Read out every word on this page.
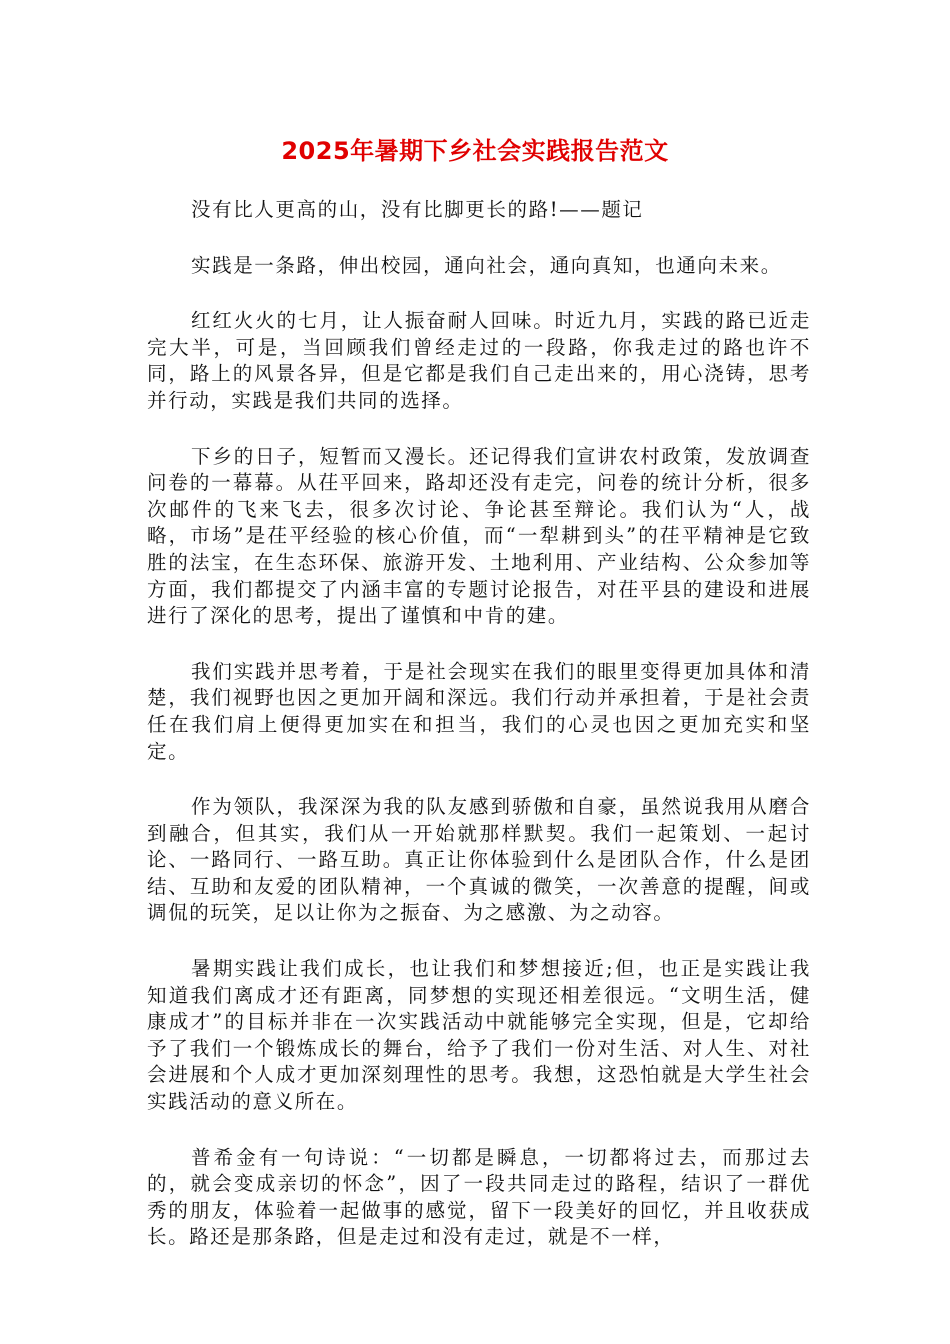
2025年暑期下乡社会实践报告范文

没有比人更高的山，没有比脚更长的路!——题记

实践是一条路，伸出校园，通向社会，通向真知，也通向未来。

红红火火的七月，让人振奋耐人回味。时近九月，实践的路已近走完大半，可是，当回顾我们曾经走过的一段路，你我走过的路也许不同，路上的风景各异，但是它都是我们自己走出来的，用心浇铸，思考并行动，实践是我们共同的选择。

下乡的日子，短暂而又漫长。还记得我们宣讲农村政策，发放调查问卷的一幕幕。从茌平回来，路却还没有走完，问卷的统计分析，很多次邮件的飞来飞去，很多次讨论、争论甚至辩论。我们认为“人，战略，市场”是茌平经验的核心价值，而“一犁耕到头”的茌平精神是它致胜的法宝，在生态环保、旅游开发、土地利用、产业结构、公众参加等方面，我们都提交了内涵丰富的专题讨论报告，对茌平县的建设和进展进行了深化的思考，提出了谨慎和中肯的建。

我们实践并思考着，于是社会现实在我们的眼里变得更加具体和清楚，我们视野也因之更加开阔和深远。我们行动并承担着，于是社会责任在我们肩上便得更加实在和担当，我们的心灵也因之更加充实和坚定。

作为领队，我深深为我的队友感到骄傲和自豪，虽然说我用从磨合到融合，但其实，我们从一开始就那样默契。我们一起策划、一起讨论、一路同行、一路互助。真正让你体验到什么是团队合作，什么是团结、互助和友爱的团队精神，一个真诚的微笑，一次善意的提醒，间或调侃的玩笑，足以让你为之振奋、为之感激、为之动容。

暑期实践让我们成长，也让我们和梦想接近;但，也正是实践让我知道我们离成才还有距离，同梦想的实现还相差很远。“文明生活，健康成才”的目标并非在一次实践活动中就能够完全实现，但是，它却给予了我们一个锻炼成长的舞台，给予了我们一份对生活、对人生、对社会进展和个人成才更加深刻理性的思考。我想，这恐怕就是大学生社会实践活动的意义所在。

普希金有一句诗说：“一切都是瞬息，一切都将过去，而那过去的，就会变成亲切的怀念”，因了一段共同走过的路程，结识了一群优秀的朋友，体验着一起做事的感觉，留下一段美好的回忆，并且收获成长。路还是那条路，但是走过和没有走过，就是不一样，
